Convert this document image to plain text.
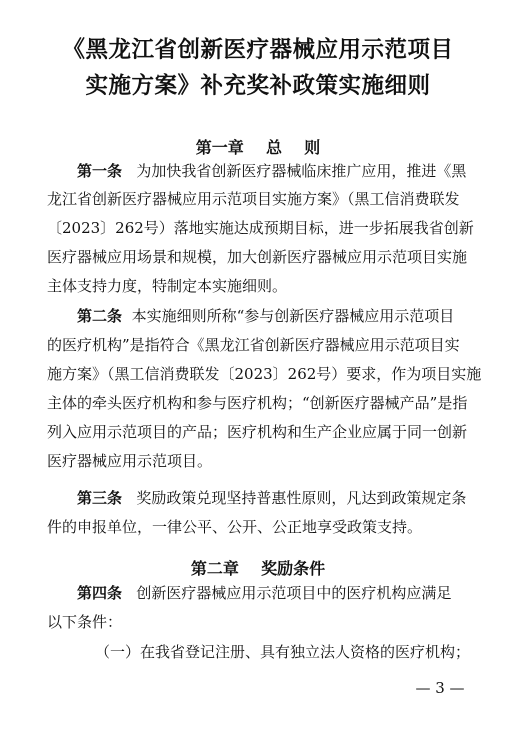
《黑龙江省创新医疗器械应用示范项目
实施方案》补充奖补政策实施细则
第一章    总    则
第一条 为加快我省创新医疗器械临床推广应用，推进《黑
龙江省创新医疗器械应用示范项目实施方案》（黑工信消费联发
〔2023〕262号）落地实施达成预期目标，进一步拓展我省创新
医疗器械应用场景和规模，加大创新医疗器械应用示范项目实施
主体支持力度，特制定本实施细则。
第二条 本实施细则所称“参与创新医疗器械应用示范项目
的医疗机构”是指符合《黑龙江省创新医疗器械应用示范项目实
施方案》（黑工信消费联发〔2023〕262号）要求，作为项目实施
主体的牵头医疗机构和参与医疗机构；“创新医疗器械产品”是指
列入应用示范项目的产品；医疗机构和生产企业应属于同一创新
医疗器械应用示范项目。
第三条 奖励政策兑现坚持普惠性原则，凡达到政策规定条
件的申报单位，一律公平、公开、公正地享受政策支持。
第二章    奖励条件
第四条 创新医疗器械应用示范项目中的医疗机构应满足
以下条件：
（一）在我省登记注册、具有独立法人资格的医疗机构；
— 3 —
